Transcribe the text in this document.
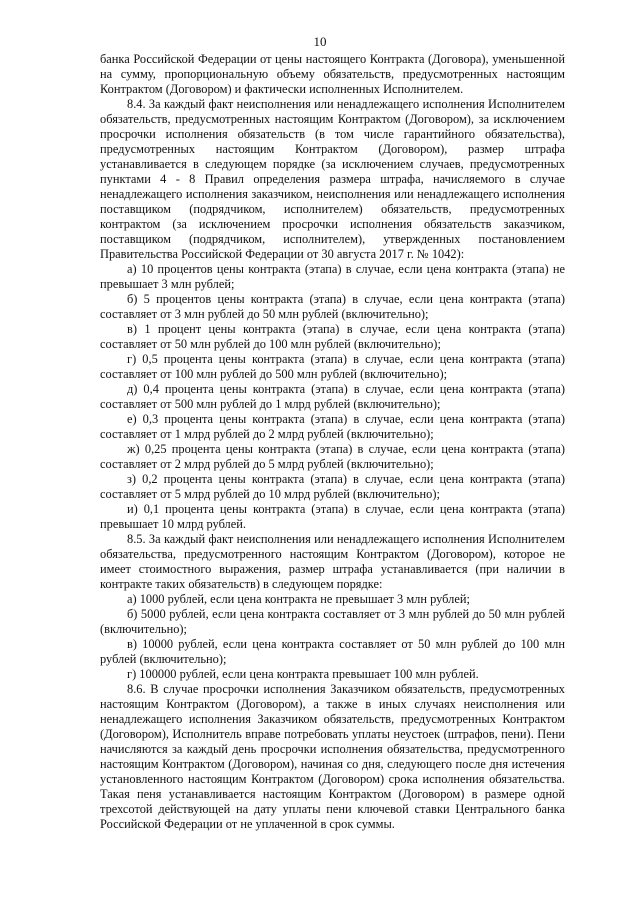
10

банка Российской Федерации от цены настоящего Контракта (Договора), уменьшенной на сумму, пропорциональную объему обязательств, предусмотренных настоящим Контрактом (Договором) и фактически исполненных Исполнителем.

8.4. За каждый факт неисполнения или ненадлежащего исполнения Исполнителем обязательств, предусмотренных настоящим Контрактом (Договором), за исключением просрочки исполнения обязательств (в том числе гарантийного обязательства), предусмотренных настоящим Контрактом (Договором), размер штрафа устанавливается в следующем порядке (за исключением случаев, предусмотренных пунктами 4 - 8 Правил определения размера штрафа, начисляемого в случае ненадлежащего исполнения заказчиком, неисполнения или ненадлежащего исполнения поставщиком (подрядчиком, исполнителем) обязательств, предусмотренных контрактом (за исключением просрочки исполнения обязательств заказчиком, поставщиком (подрядчиком, исполнителем), утвержденных постановлением Правительства Российской Федерации от 30 августа 2017 г. № 1042):

а) 10 процентов цены контракта (этапа) в случае, если цена контракта (этапа) не превышает 3 млн рублей;

б) 5 процентов цены контракта (этапа) в случае, если цена контракта (этапа) составляет от 3 млн рублей до 50 млн рублей (включительно);

в) 1 процент цены контракта (этапа) в случае, если цена контракта (этапа) составляет от 50 млн рублей до 100 млн рублей (включительно);

г) 0,5 процента цены контракта (этапа) в случае, если цена контракта (этапа) составляет от 100 млн рублей до 500 млн рублей (включительно);

д) 0,4 процента цены контракта (этапа) в случае, если цена контракта (этапа) составляет от 500 млн рублей до 1 млрд рублей (включительно);

е) 0,3 процента цены контракта (этапа) в случае, если цена контракта (этапа) составляет от 1 млрд рублей до 2 млрд рублей (включительно);

ж) 0,25 процента цены контракта (этапа) в случае, если цена контракта (этапа) составляет от 2 млрд рублей до 5 млрд рублей (включительно);

з) 0,2 процента цены контракта (этапа) в случае, если цена контракта (этапа) составляет от 5 млрд рублей до 10 млрд рублей (включительно);

и) 0,1 процента цены контракта (этапа) в случае, если цена контракта (этапа) превышает 10 млрд рублей.

8.5. За каждый факт неисполнения или ненадлежащего исполнения Исполнителем обязательства, предусмотренного настоящим Контрактом (Договором), которое не имеет стоимостного выражения, размер штрафа устанавливается (при наличии в контракте таких обязательств) в следующем порядке:

а) 1000 рублей, если цена контракта не превышает 3 млн рублей;

б) 5000 рублей, если цена контракта составляет от 3 млн рублей до 50 млн рублей (включительно);

в) 10000 рублей, если цена контракта составляет от 50 млн рублей до 100 млн рублей (включительно);

г) 100000 рублей, если цена контракта превышает 100 млн рублей.

8.6. В случае просрочки исполнения Заказчиком обязательств, предусмотренных настоящим Контрактом (Договором), а также в иных случаях неисполнения или ненадлежащего исполнения Заказчиком обязательств, предусмотренных Контрактом (Договором), Исполнитель вправе потребовать уплаты неустоек (штрафов, пени). Пени начисляются за каждый день просрочки исполнения обязательства, предусмотренного настоящим Контрактом (Договором), начиная со дня, следующего после дня истечения установленного настоящим Контрактом (Договором) срока исполнения обязательства. Такая пеня устанавливается настоящим Контрактом (Договором) в размере одной трехсотой действующей на дату уплаты пени ключевой ставки Центрального банка Российской Федерации от не уплаченной в срок суммы.
